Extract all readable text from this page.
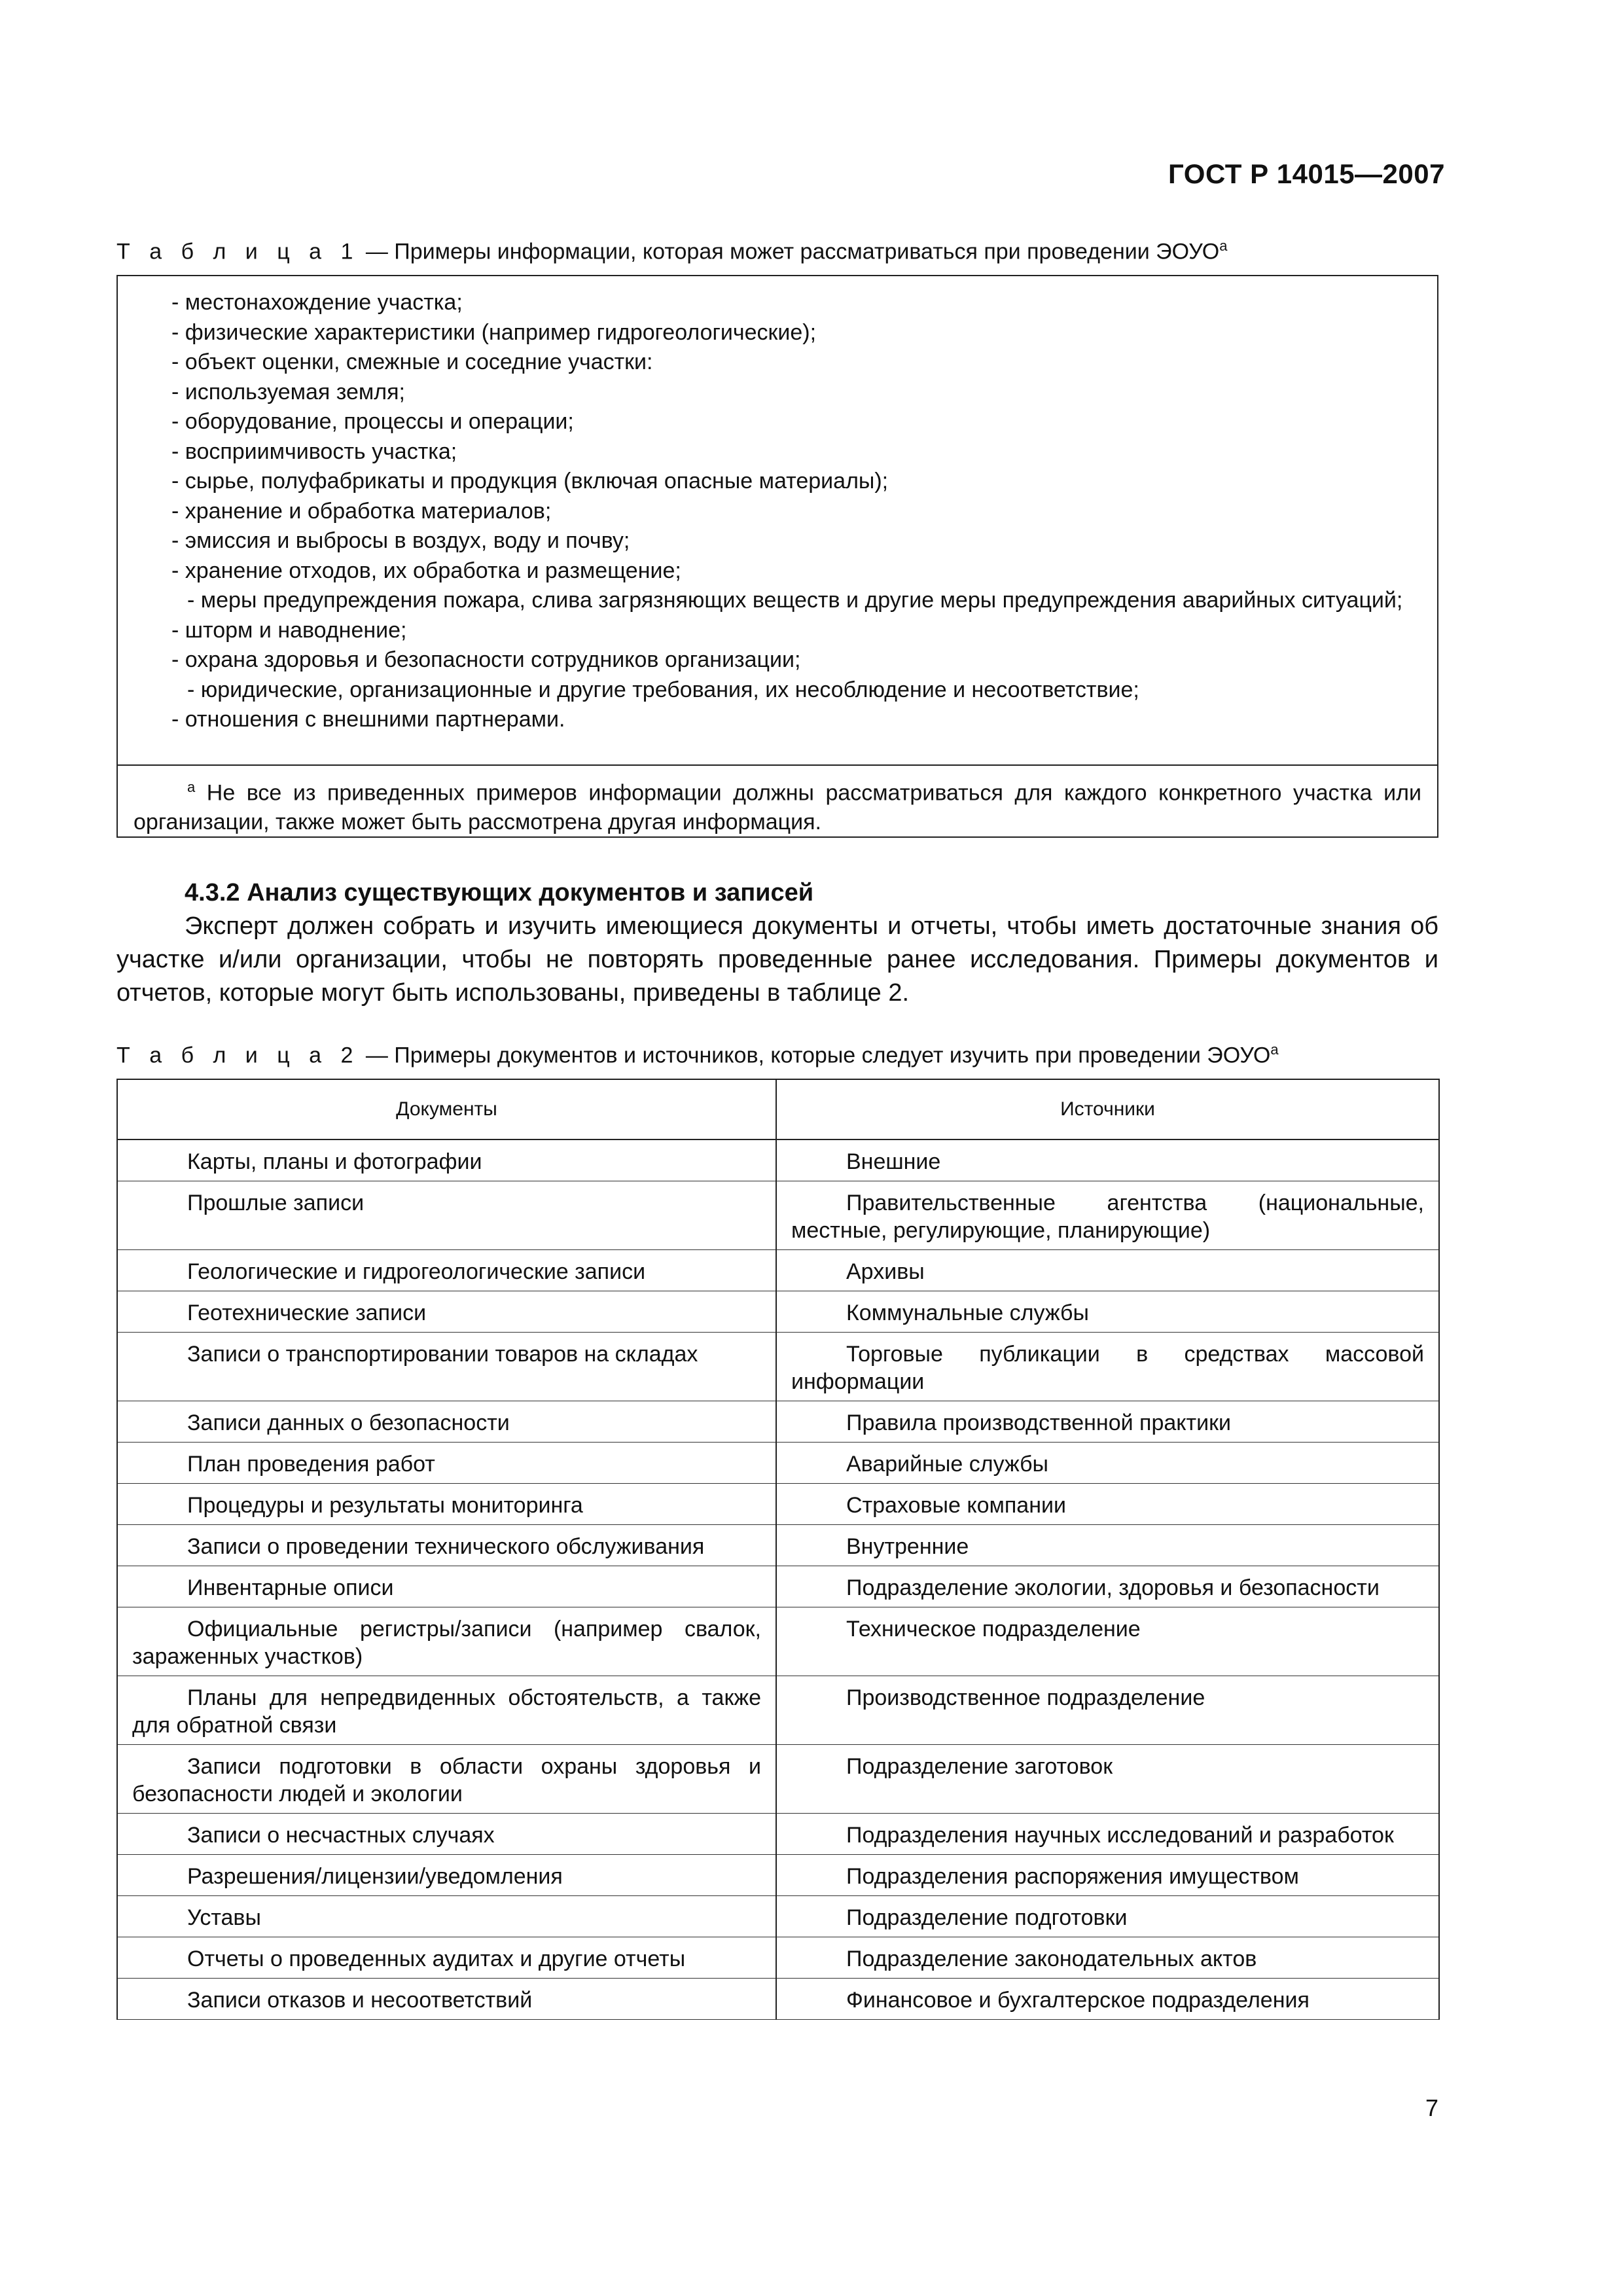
ГОСТ Р 14015—2007
Т а б л и ц а 1 — Примеры информации, которая может рассматриваться при проведении $ЭОУО^а$
- местонахождение участка;
- физические характеристики (например гидрогеологические);
- объект оценки, смежные и соседние участки:
- используемая земля;
- оборудование, процессы и операции;
- восприимчивость участка;
- сырье, полуфабрикаты и продукция (включая опасные материалы);
- хранение и обработка материалов;
- эмиссия и выбросы в воздух, воду и почву;
- хранение отходов, их обработка и размещение;
- меры предупреждения пожара, слива загрязняющих веществ и другие меры предупреждения аварийных ситуаций;
- шторм и наводнение;
- охрана здоровья и безопасности сотрудников организации;
- юридические, организационные и другие требования, их несоблюдение и несоответствие;
- отношения с внешними партнерами.
$^а$ Не все из приведенных примеров информации должны рассматриваться для каждого конкретного участка или организации, также может быть рассмотрена другая информация.
4.3.2 Анализ существующих документов и записей
Эксперт должен собрать и изучить имеющиеся документы и отчеты, чтобы иметь достаточные знания об участке и/или организации, чтобы не повторять проведенные ранее исследования. Примеры документов и отчетов, которые могут быть использованы, приведены в таблице 2.
Т а б л и ц а 2 — Примеры документов и источников, которые следует изучить при проведении $ЭОУО^а$
Документы	Источники
Карты, планы и фотографии	Внешние
Прошлые записи	Правительственные агентства (национальные, местные, регулирующие, планирующие)
Геологические и гидрогеологические записи	Архивы
Геотехнические записи	Коммунальные службы
Записи о транспортировании товаров на складах	Торговые публикации в средствах массовой информации
Записи данных о безопасности	Правила производственной практики
План проведения работ	Аварийные службы
Процедуры и результаты мониторинга	Страховые компании
Записи о проведении технического обслуживания	Внутренние
Инвентарные описи	Подразделение экологии, здоровья и безопасности
Официальные регистры/записи (например свалок, зараженных участков)	Техническое подразделение
Планы для непредвиденных обстоятельств, а также для обратной связи	Производственное подразделение
Записи подготовки в области охраны здоровья и безопасности людей и экологии	Подразделение заготовок
Записи о несчастных случаях	Подразделения научных исследований и разработок
Разрешения/лицензии/уведомления	Подразделения распоряжения имуществом
Уставы	Подразделение подготовки
Отчеты о проведенных аудитах и другие отчеты	Подразделение законодательных актов
Записи отказов и несоответствий	Финансовое и бухгалтерское подразделения
7
